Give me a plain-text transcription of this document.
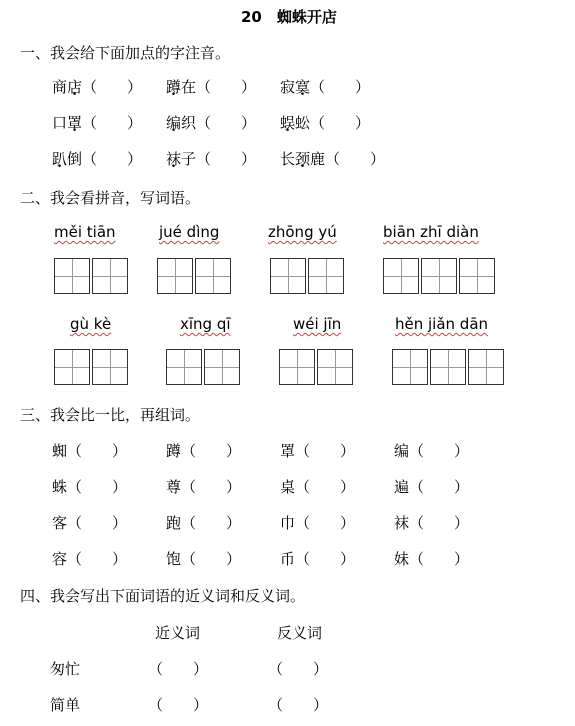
20　蜘蛛开店
一、我会给下面加点的字注音。
商店（　　） 蹲在（　　） 寂寞（　　）
口罩（　　） 编织（　　） 蜈蚣（　　）
趴倒（　　） 袜子（　　） 长颈鹿（　　）
二、我会看拼音，写词语。
měi tiān	jué dìng	zhōng yú	biān zhī diàn
gù kè	xīng qī	wéi jīn	hěn jiǎn dān
三、我会比一比，再组词。
蜘（　　）	蹲（　　）	罩（　　）	编（　　）
蛛（　　）	尊（　　）	桌（　　）	遍（　　）
客（　　）	跑（　　）	巾（　　）	袜（　　）
容（　　）	饱（　　）	币（　　）	妹（　　）
四、我会写出下面词语的近义词和反义词。
近义词	反义词
匆忙	（　　）	（　　）
简单	（　　）	（　　）
